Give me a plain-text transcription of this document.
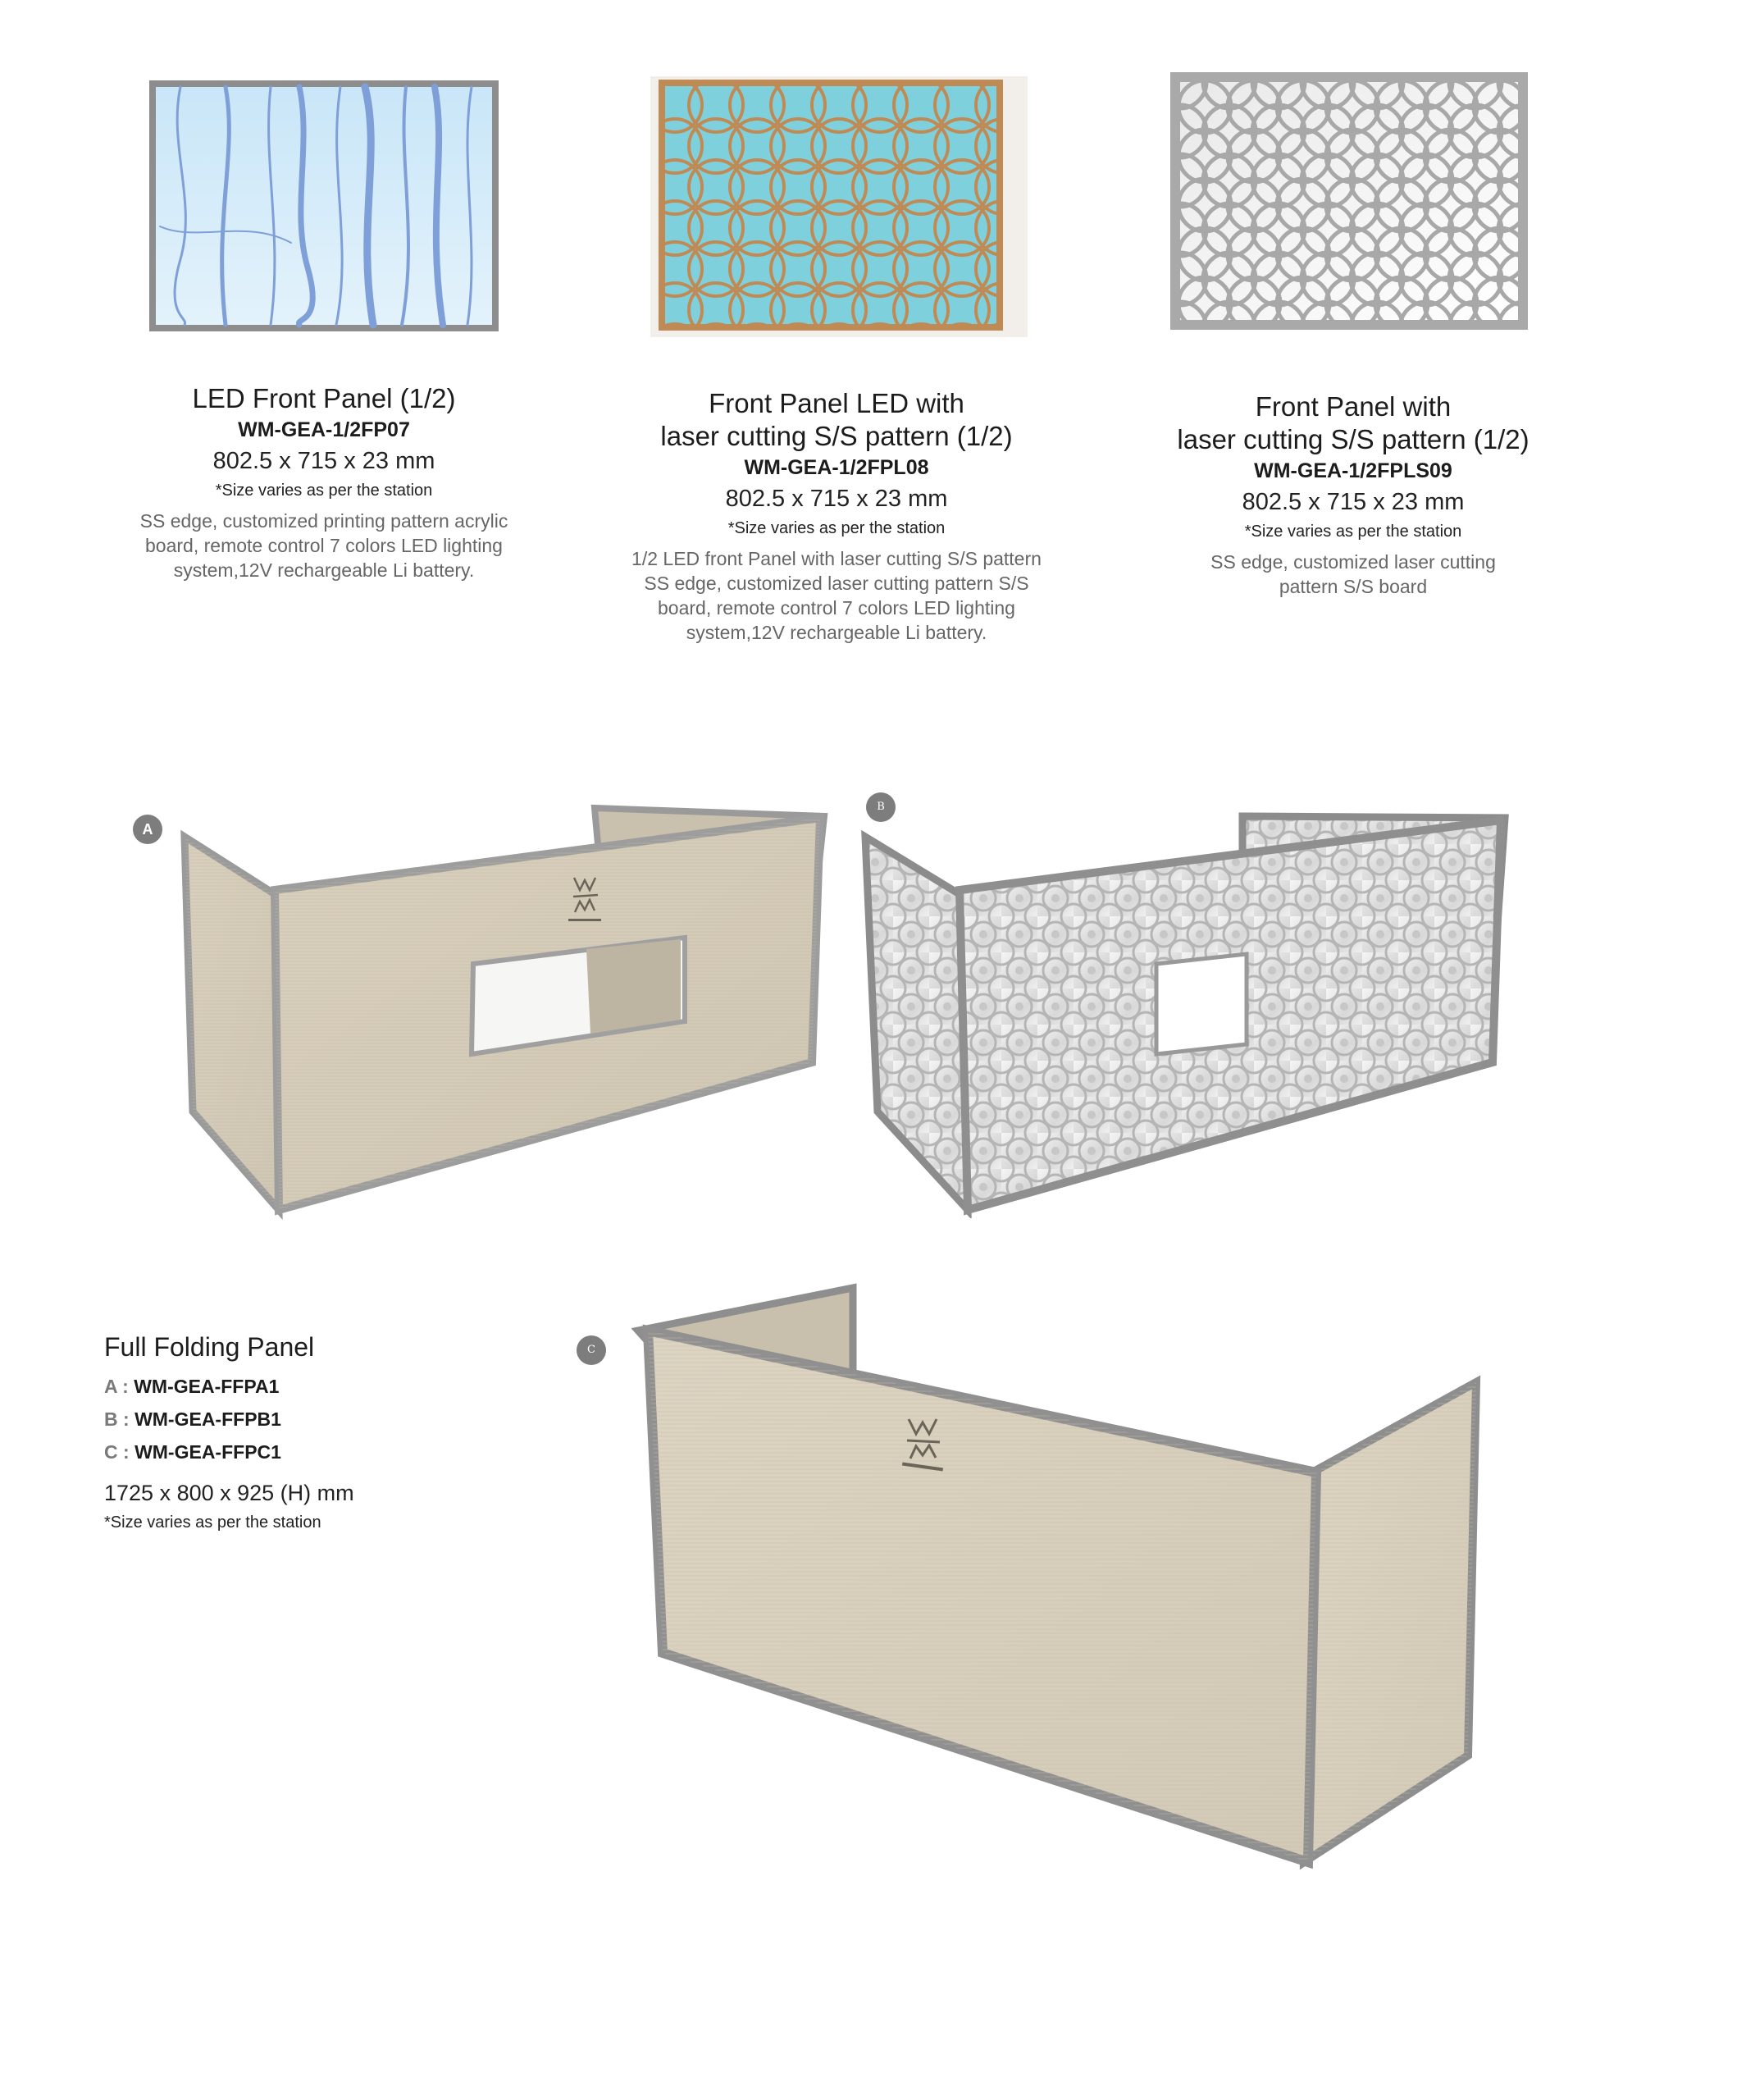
LED Front Panel (1/2)
WM-GEA-1/2FP07
802.5 x 715 x 23 mm
*Size varies as per the station
SS edge, customized printing pattern acrylic
board, remote control 7 colors LED lighting
system,12V rechargeable Li battery.
Front Panel LED with
laser cutting S/S pattern (1/2)
WM-GEA-1/2FPL08
802.5 x 715 x 23 mm
*Size varies as per the station
1/2 LED front Panel with laser cutting S/S pattern
SS edge, customized laser cutting pattern S/S
board, remote control 7 colors LED lighting
system,12V rechargeable Li battery.
Front Panel with
laser cutting S/S pattern (1/2)
WM-GEA-1/2FPLS09
802.5 x 715 x 23 mm
*Size varies as per the station
SS edge, customized laser cutting
pattern S/S board
A
B
Full Folding Panel
A : WM-GEA-FFPA1
B : WM-GEA-FFPB1
C : WM-GEA-FFPC1
1725 x 800 x 925 (H) mm
*Size varies as per the station
C
